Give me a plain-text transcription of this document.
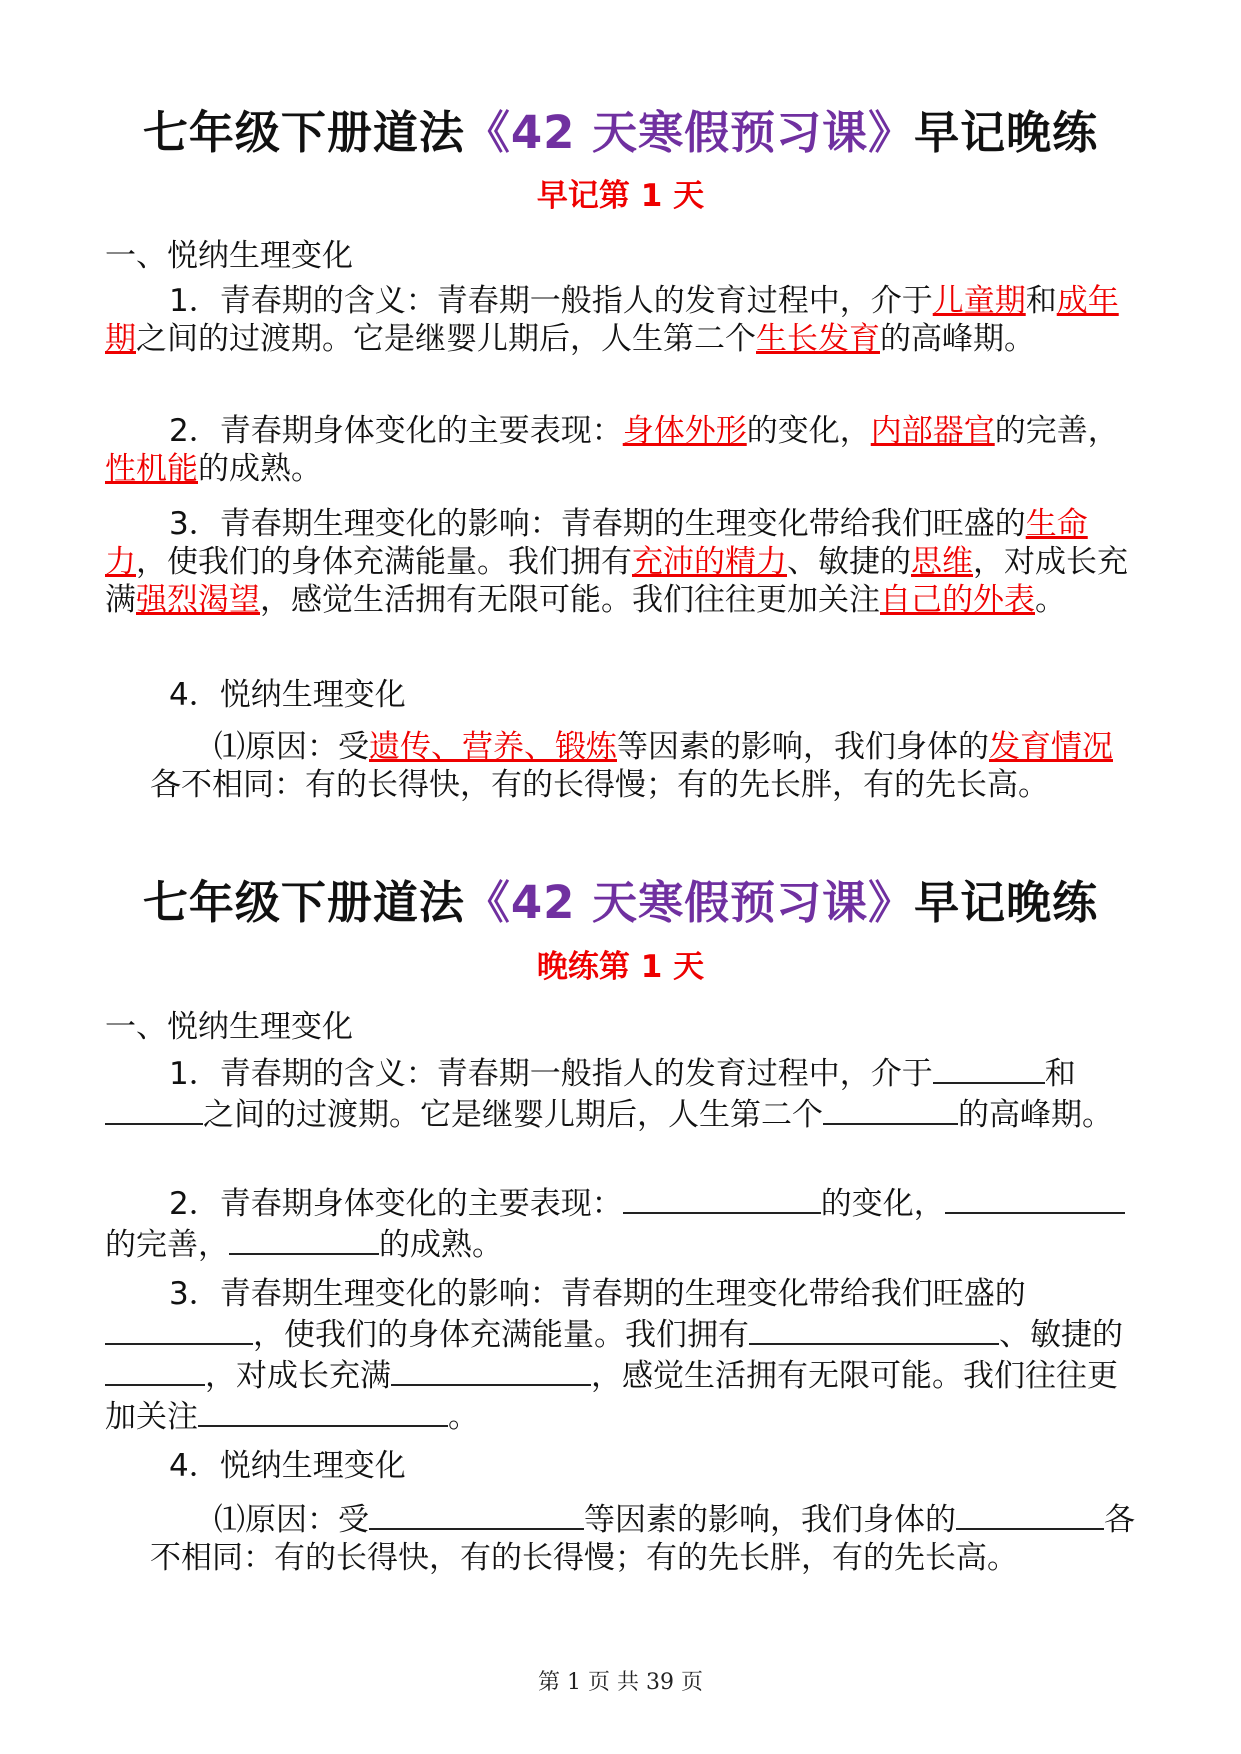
七年级下册道法《42 天寒假预习课》早记晚练
早记第 1 天
一、悦纳生理变化
1．青春期的含义：青春期一般指人的发育过程中，介于儿童期和成年期之间的过渡期。它是继婴儿期后，人生第二个生长发育的高峰期。
2．青春期身体变化的主要表现：身体外形的变化，内部器官的完善，性机能的成熟。
3．青春期生理变化的影响：青春期的生理变化带给我们旺盛的生命力，使我们的身体充满能量。我们拥有充沛的精力、敏捷的思维，对成长充满强烈渴望，感觉生活拥有无限可能。我们往往更加关注自己的外表。
4．悦纳生理变化
⑴原因：受遗传、营养、锻炼等因素的影响，我们身体的发育情况各不相同：有的长得快，有的长得慢；有的先长胖，有的先长高。
七年级下册道法《42 天寒假预习课》早记晚练
晚练第 1 天
一、悦纳生理变化
1．青春期的含义：青春期一般指人的发育过程中，介于	和之间的过渡期。它是继婴儿期后，人生第二个	的高峰期。
2．青春期身体变化的主要表现：	的变化，的完善，	的成熟。
3．青春期生理变化的影响：青春期的生理变化带给我们旺盛的，使我们的身体充满能量。我们拥有	、敏捷的，对成长充满	，感觉生活拥有无限可能。我们往往更加关注	。
4．悦纳生理变化
⑴原因：受	等因素的影响，我们身体的	各不相同：有的长得快，有的长得慢；有的先长胖，有的先长高。
第 1 页 共 39 页
